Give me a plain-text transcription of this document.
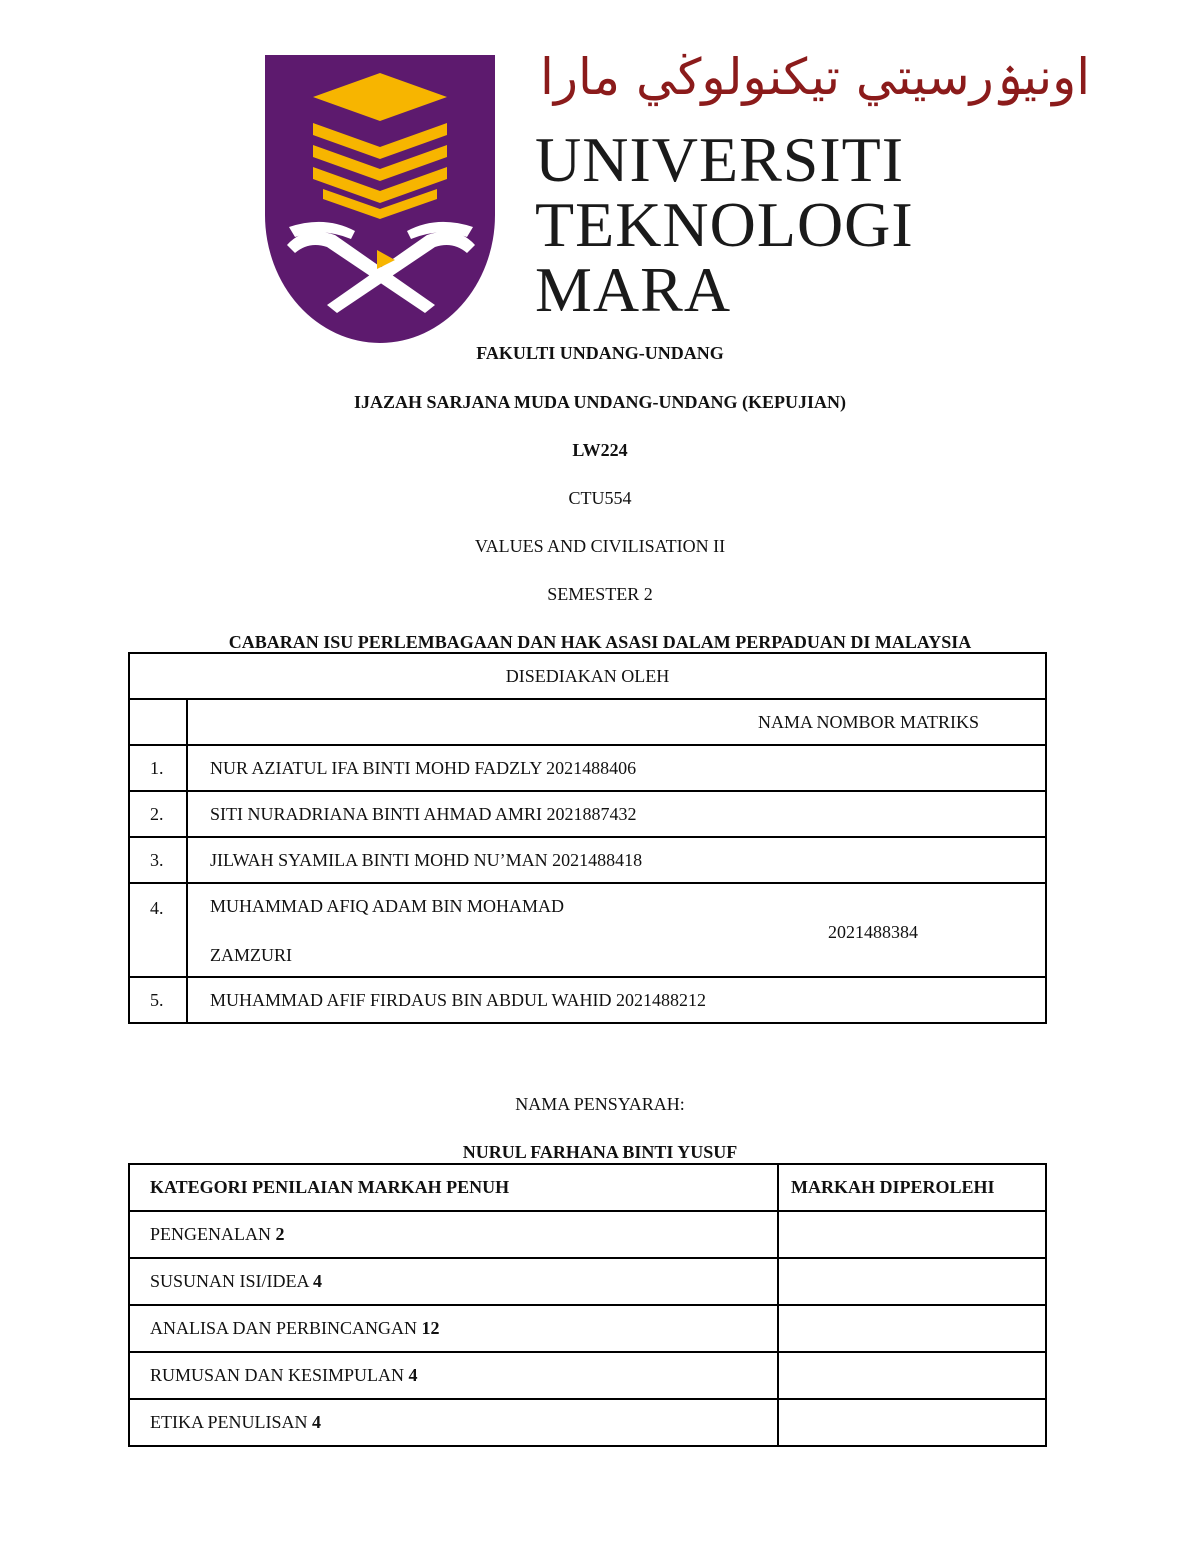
اونيۏرسيتي تيكنولوڬي مارا

UNIVERSITI
TEKNOLOGI
MARA

FAKULTI UNDANG-UNDANG

IJAZAH SARJANA MUDA UNDANG-UNDANG (KEPUJIAN)

LW224

CTU554

VALUES AND CIVILISATION II

SEMESTER 2

CABARAN ISU PERLEMBAGAAN DAN HAK ASASI DALAM PERPADUAN DI MALAYSIA

DISEDIAKAN OLEH	
	NAMA NOMBOR MATRIKS
1.	NUR AZIATUL IFA BINTI MOHD FADZLY 2021488406
2.	SITI NURADRIANA BINTI AHMAD AMRI 2021887432
3.	JILWAH SYAMILA BINTI MOHD NU’MAN 2021488418
4.	MUHAMMAD AFIQ ADAM BIN MOHAMAD
ZAMZURI
2021488384

5.	MUHAMMAD AFIF FIRDAUS BIN ABDUL WAHID 2021488212

NAMA PENSYARAH:

NURUL FARHANA BINTI YUSUF

KATEGORI PENILAIAN MARKAH PENUH	MARKAH DIPEROLEHI
PENGENALAN 2	
SUSUNAN ISI/IDEA 4	
ANALISA DAN PERBINCANGAN 12	
RUMUSAN DAN KESIMPULAN 4	
ETIKA PENULISAN 4	
